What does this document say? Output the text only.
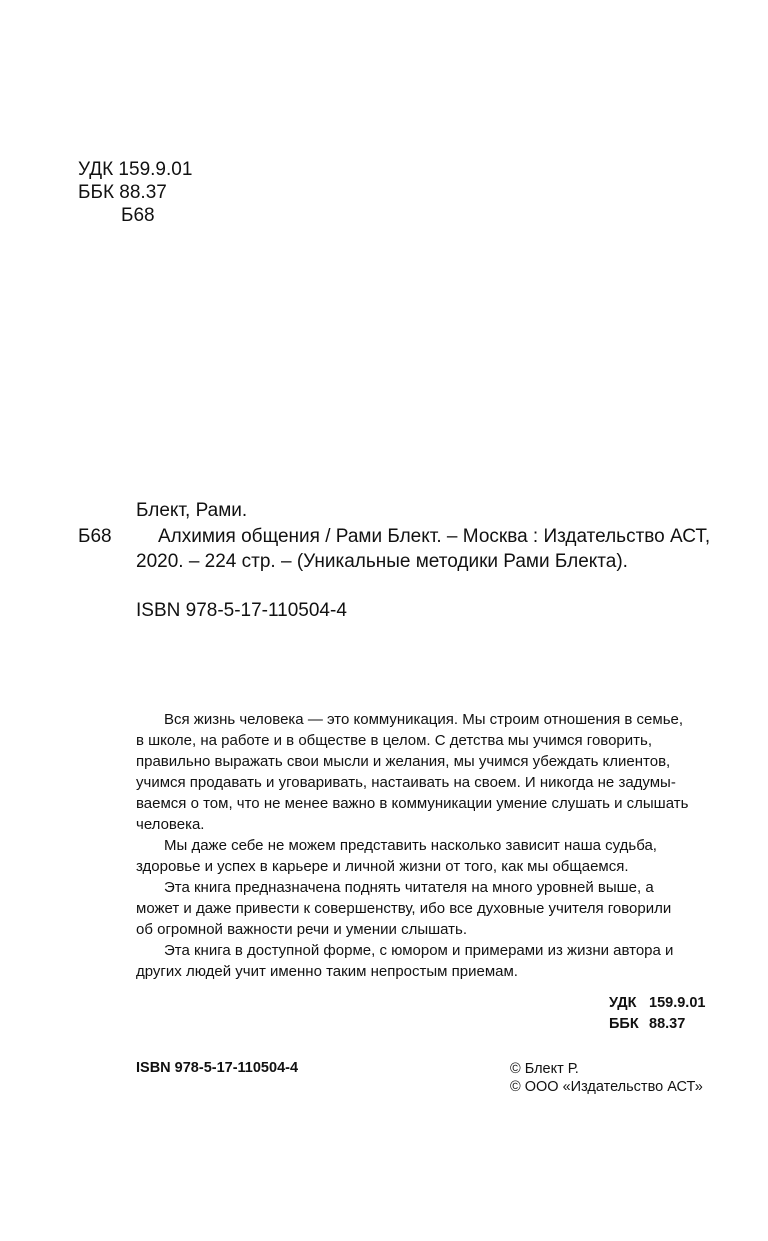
УДК 159.9.01
ББК 88.37
Б68
Блект, Рами.
Б68 Алхимия общения / Рами Блект. – Москва : Издательство АСТ,
2020. – 224 стр. – (Уникальные методики Рами Блекта).
ISBN 978-5-17-110504-4

Вся жизнь человека — это коммуникация. Мы строим отношения в семье,
в школе, на работе и в обществе в целом. С детства мы учимся говорить,
правильно выражать свои мысли и желания, мы учимся убеждать клиентов,
учимся продавать и уговаривать, настаивать на своем. И никогда не задумы-
ваемся о том, что не менее важно в коммуникации умение слушать и слышать
человека.

Мы даже себе не можем представить насколько зависит наша судьба,
здоровье и успех в карьере и личной жизни от того, как мы общаемся.

Эта книга предназначена поднять читателя на много уровней выше, а
может и даже привести к совершенству, ибо все духовные учителя говорили
об огромной важности речи и умении слышать.

Эта книга в доступной форме, с юмором и примерами из жизни автора и
других людей учит именно таким непростым приемам.

УДК 159.9.01
ББК 88.37
ISBN 978-5-17-110504-4	© Блект Р.
© ООО «Издательство АСТ»
